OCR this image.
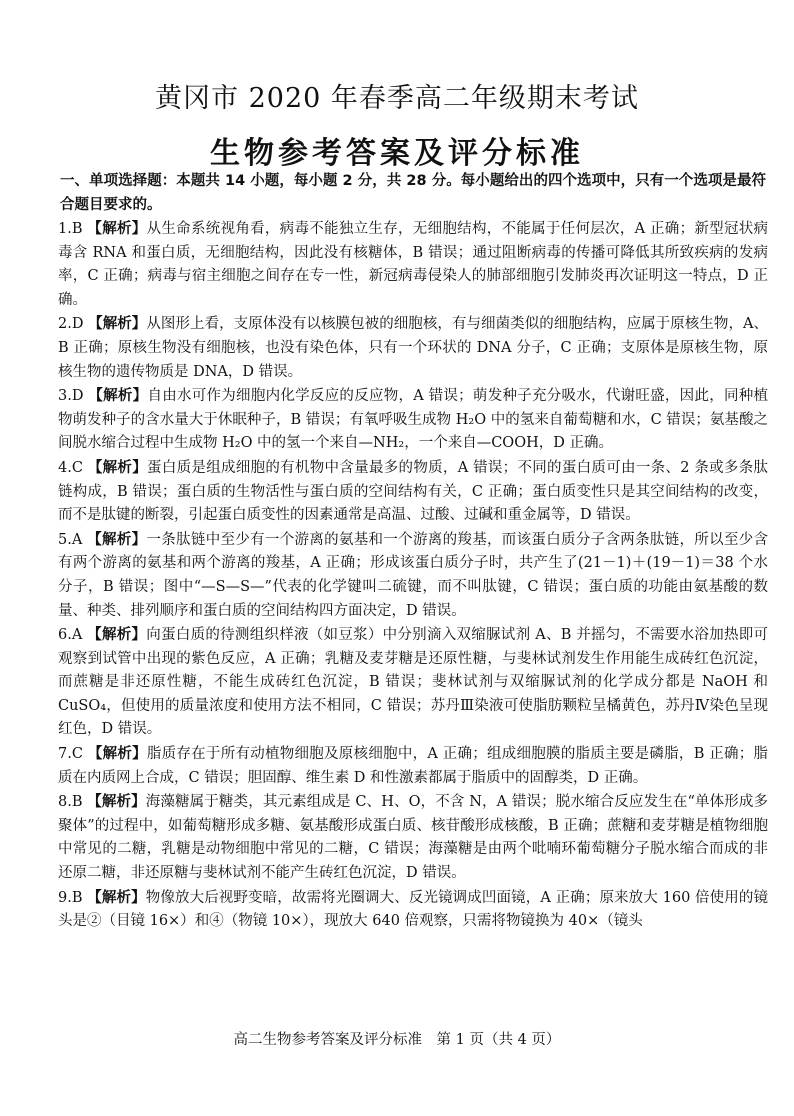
黄冈市 2020 年春季高二年级期末考试
生物参考答案及评分标准
一、单项选择题：本题共 14 小题，每小题 2 分，共 28 分。每小题给出的四个选项中，只有一个选项是最符合题目要求的。

1.B 【解析】从生命系统视角看，病毒不能独立生存，无细胞结构，不能属于任何层次，A 正确；新型冠状病毒含 RNA 和蛋白质，无细胞结构，因此没有核糖体，B 错误；通过阻断病毒的传播可降低其所致疾病的发病率，C 正确；病毒与宿主细胞之间存在专一性，新冠病毒侵染人的肺部细胞引发肺炎再次证明这一特点，D 正确。

2.D 【解析】从图形上看，支原体没有以核膜包被的细胞核，有与细菌类似的细胞结构，应属于原核生物，A、B 正确；原核生物没有细胞核，也没有染色体，只有一个环状的 DNA 分子，C 正确；支原体是原核生物，原核生物的遗传物质是 DNA，D 错误。

3.D 【解析】自由水可作为细胞内化学反应的反应物，A 错误；萌发种子充分吸水，代谢旺盛，因此，同种植物萌发种子的含水量大于休眠种子，B 错误；有氧呼吸生成物 H₂O 中的氢来自葡萄糖和水，C 错误；氨基酸之间脱水缩合过程中生成物 H₂O 中的氢一个来自—NH₂，一个来自—COOH，D 正确。

4.C 【解析】蛋白质是组成细胞的有机物中含量最多的物质，A 错误；不同的蛋白质可由一条、2 条或多条肽链构成，B 错误；蛋白质的生物活性与蛋白质的空间结构有关，C 正确；蛋白质变性只是其空间结构的改变，而不是肽键的断裂，引起蛋白质变性的因素通常是高温、过酸、过碱和重金属等，D 错误。

5.A 【解析】一条肽链中至少有一个游离的氨基和一个游离的羧基，而该蛋白质分子含两条肽链，所以至少含有两个游离的氨基和两个游离的羧基，A 正确；形成该蛋白质分子时，共产生了(21－1)＋(19－1)＝38 个水分子，B 错误；图中“—S—S—”代表的化学键叫二硫键，而不叫肽键，C 错误；蛋白质的功能由氨基酸的数量、种类、排列顺序和蛋白质的空间结构四方面决定，D 错误。

6.A 【解析】向蛋白质的待测组织样液（如豆浆）中分别滴入双缩脲试剂 A、B 并摇匀，不需要水浴加热即可观察到试管中出现的紫色反应，A 正确；乳糖及麦芽糖是还原性糖，与斐林试剂发生作用能生成砖红色沉淀，而蔗糖是非还原性糖，不能生成砖红色沉淀，B 错误；斐林试剂与双缩脲试剂的化学成分都是 NaOH 和 CuSO₄，但使用的质量浓度和使用方法不相同，C 错误；苏丹Ⅲ染液可使脂肪颗粒呈橘黄色，苏丹Ⅳ染色呈现红色，D 错误。

7.C 【解析】脂质存在于所有动植物细胞及原核细胞中，A 正确；组成细胞膜的脂质主要是磷脂，B 正确；脂质在内质网上合成，C 错误；胆固醇、维生素 D 和性激素都属于脂质中的固醇类，D 正确。

8.B 【解析】海藻糖属于糖类，其元素组成是 C、H、O，不含 N，A 错误；脱水缩合反应发生在“单体形成多聚体”的过程中，如葡萄糖形成多糖、氨基酸形成蛋白质、核苷酸形成核酸，B 正确；蔗糖和麦芽糖是植物细胞中常见的二糖，乳糖是动物细胞中常见的二糖，C 错误；海藻糖是由两个吡喃环葡萄糖分子脱水缩合而成的非还原二糖，非还原糖与斐林试剂不能产生砖红色沉淀，D 错误。

9.B 【解析】物像放大后视野变暗，故需将光圈调大、反光镜调成凹面镜，A 正确；原来放大 160 倍使用的镜头是②（目镜 16×）和④（物镜 10×），现放大 640 倍观察，只需将物镜换为 40×（镜头

高二生物参考答案及评分标准　第 1 页（共 4 页）
